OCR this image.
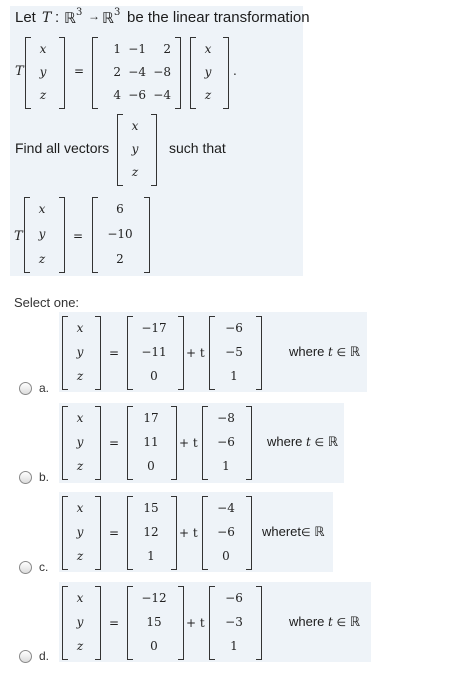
Let T : ℝ 3 → ℝ 3 be the linear transformation
T
x
y
z
=
1 −1	2
2 −4 −8
4 −6 −4
x
y
z
.
Find all vectors
x
y
z
such that
T
x
y
z
=
6
−10
2
Select one:
a.
x
y
z
=
−17
−11
0
+ t
−6
−5
1
where t ∈ ℝ
b.
x
y
z
=
17
11
0
+ t
−8
−6
1
where t ∈ ℝ
c.
x
y
z
=
15
12
1
+ t
−4
−6
0
wheret∈ ℝ
d.
x
y
z
=
−12
15
0
+ t
−6
−3
1
where t ∈ ℝ
